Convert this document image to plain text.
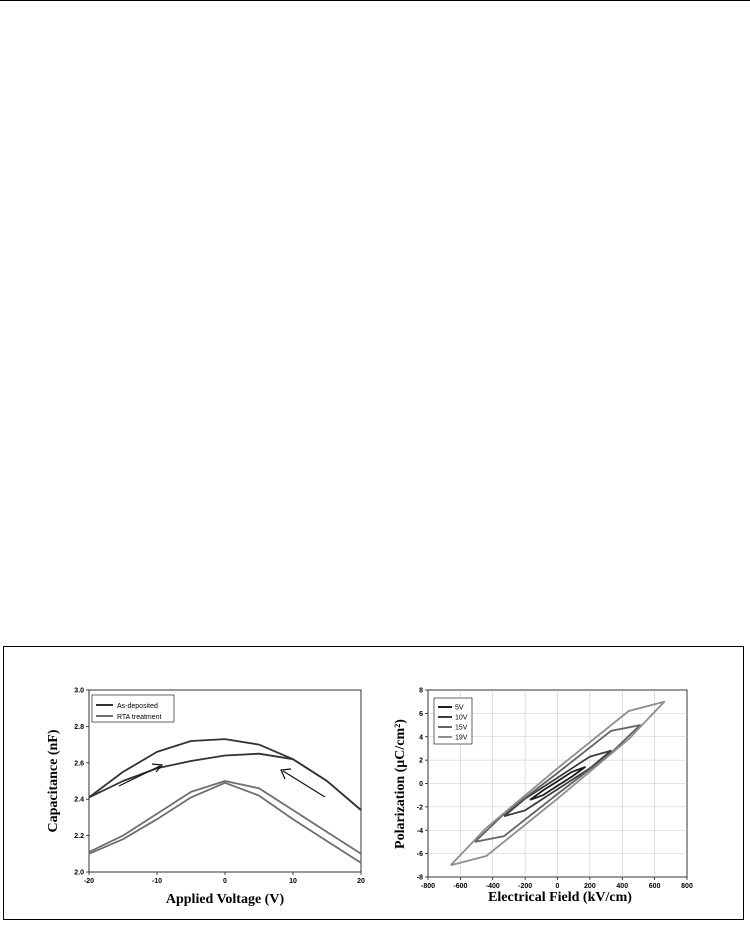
-20	-10	0	10	20
2.0
2.2
2.4
2.6
2.8
3.0
As-deposited
RTA treatment
Applied Voltage (V)
Capacitance (nF)
-800	-600	-400	-200	0	200	400	600	800
-8
-6
-4
-2
0
2
4
6
8
5V
10V
15V
19V
Electrical Field (kV/cm)
Polarization (μC/cm²)
